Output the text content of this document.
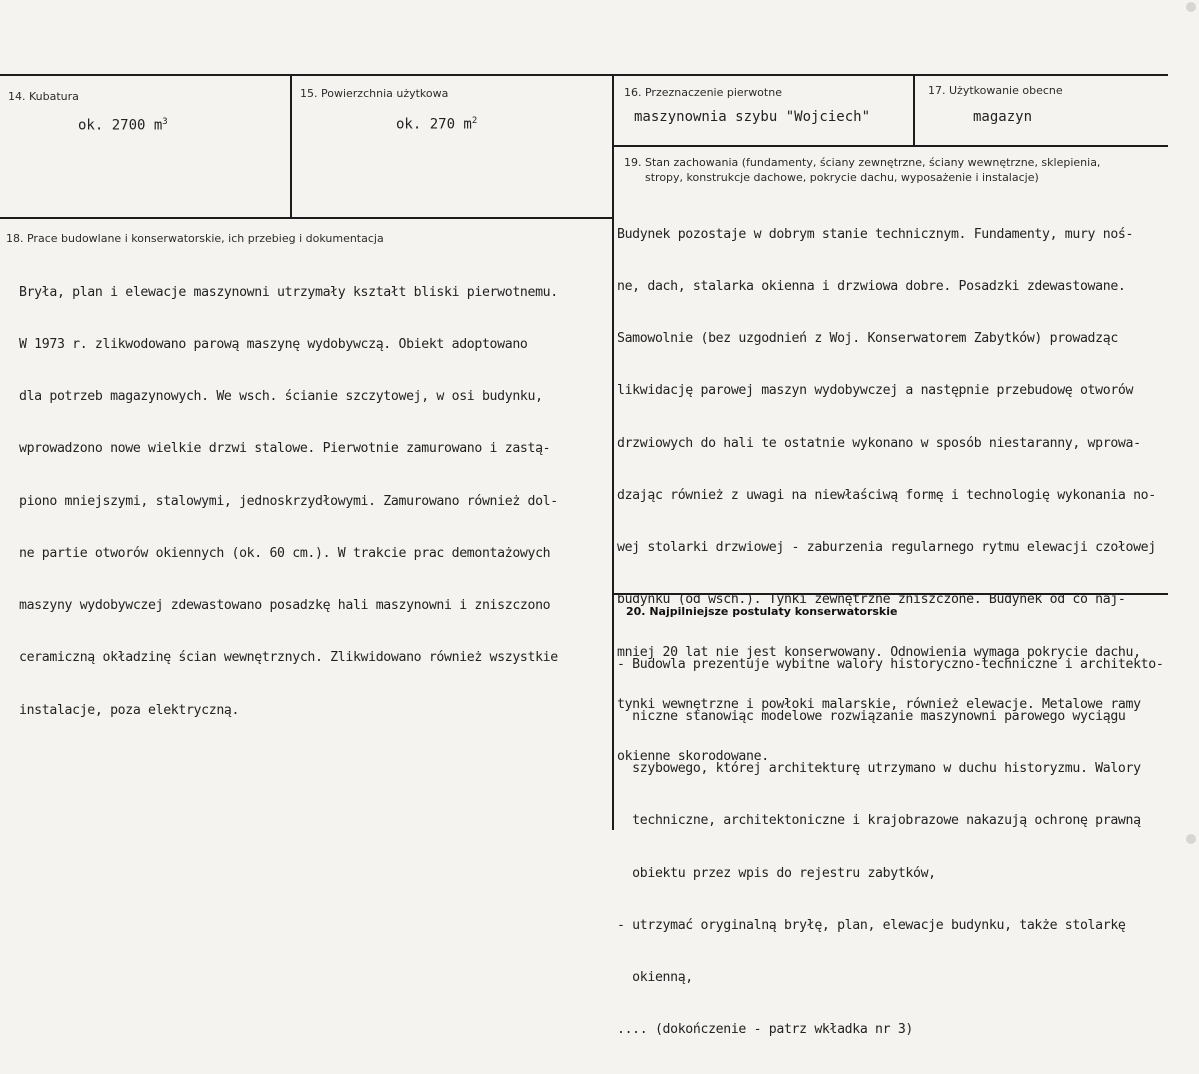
14. Kubatura
ok. 2700 $m^3$
15. Powierzchnia użytkowa
ok. 270 $m^2$
16. Przeznaczenie pierwotne
maszynownia szybu "Wojciech"
17. Użytkowanie obecne
magazyn
18. Prace budowlane i konserwatorskie, ich przebieg i dokumentacja

Bryła, plan i elewacje maszynowni utrzymały kształt bliski pierwotnemu.

W 1973 r. zlikwodowano parową maszynę wydobywczą. Obiekt adoptowano

dla potrzeb magazynowych. We wsch. ścianie szczytowej, w osi budynku,

wprowadzono nowe wielkie drzwi stalowe. Pierwotnie zamurowano i zastą-

piono mniejszymi, stalowymi, jednoskrzydłowymi. Zamurowano również dol-

ne partie otworów okiennych (ok. 60 cm.). W trakcie prac demontażowych

maszyny wydobywczej zdewastowano posadzkę hali maszynowni i zniszczono

ceramiczną okładzinę ścian wewnętrznych. Zlikwidowano również wszystkie

instalacje, poza elektryczną.

19. Stan zachowania (fundamenty, ściany zewnętrzne, ściany wewnętrzne, sklepienia,
stropy, konstrukcje dachowe, pokrycie dachu, wyposażenie i instalacje)

Budynek pozostaje w dobrym stanie technicznym. Fundamenty, mury noś-

ne, dach, stalarka okienna i drzwiowa dobre. Posadzki zdewastowane.

Samowolnie (bez uzgodnień z Woj. Konserwatorem Zabytków) prowadząc

likwidację parowej maszyn wydobywczej a następnie przebudowę otworów

drzwiowych do hali te ostatnie wykonano w sposób niestaranny, wprowa-

dzając również z uwagi na niewłaściwą formę i technologię wykonania no-

wej stolarki drzwiowej - zaburzenia regularnego rytmu elewacji czołowej

budynku (od wsch.). Tynki zewnętrzne zniszczone. Budynek od co naj-

mniej 20 lat nie jest konserwowany. Odnowienia wymaga pokrycie dachu,

tynki wewnętrzne i powłoki malarskie, również elewacje. Metalowe ramy

okienne skorodowane.

20. Najpilniejsze postulaty konserwatorskie

- Budowla prezentuje wybitne walory historyczno-techniczne i architekto-

niczne stanowiąc modelowe rozwiązanie maszynowni parowego wyciągu

szybowego, której architekturę utrzymano w duchu historyzmu. Walory

techniczne, architektoniczne i krajobrazowe nakazują ochronę prawną

obiektu przez wpis do rejestru zabytków,

- utrzymać oryginalną bryłę, plan, elewacje budynku, także stolarkę

okienną,

.... (dokończenie - patrz wkładka nr 3)
